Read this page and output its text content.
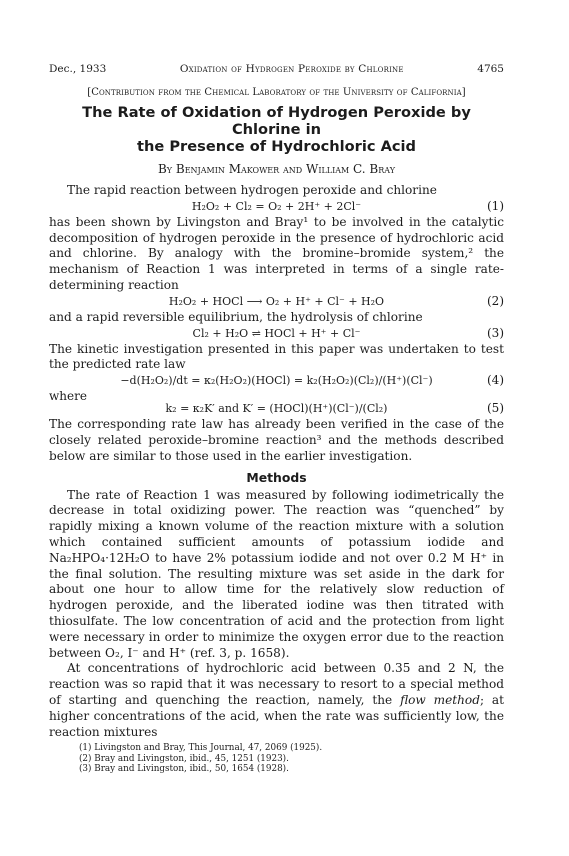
Dec., 1933	Oxidation of Hydrogen Peroxide by Chlorine	4765
[Contribution from the Chemical Laboratory of the University of California]
The Rate of Oxidation of Hydrogen Peroxide by Chlorine in
the Presence of Hydrochloric Acid
By Benjamin Makower and William C. Bray

The rapid reaction between hydrogen peroxide and chlorine

H₂O₂ + Cl₂ = O₂ + 2H⁺ + 2Cl⁻	(1)

has been shown by Livingston and Bray¹ to be involved in the catalytic decomposition of hydrogen peroxide in the presence of hydrochloric acid and chlorine. By analogy with the bromine–bromide system,² the mechanism of Reaction 1 was interpreted in terms of a single rate-determining reaction

H₂O₂ + HOCl ⟶ O₂ + H⁺ + Cl⁻ + H₂O	(2)

and a rapid reversible equilibrium, the hydrolysis of chlorine

Cl₂ + H₂O ⇌ HOCl + H⁺ + Cl⁻	(3)

The kinetic investigation presented in this paper was undertaken to test the predicted rate law

−d(H₂O₂)/dt = κ₂(H₂O₂)(HOCl) = k₂(H₂O₂)(Cl₂)/(H⁺)(Cl⁻)	(4)
where
k₂ = κ₂K′ and K′ = (HOCl)(H⁺)(Cl⁻)/(Cl₂)	(5)

The corresponding rate law has already been verified in the case of the closely related peroxide–bromine reaction³ and the methods described below are similar to those used in the earlier investigation.

Methods

The rate of Reaction 1 was measured by following iodimetrically the decrease in total oxidizing power. The reaction was “quenched” by rapidly mixing a known volume of the reaction mixture with a solution which contained sufficient amounts of potassium iodide and Na₂HPO₄·12H₂O to have 2% potassium iodide and not over 0.2 M H⁺ in the final solution. The resulting mixture was set aside in the dark for about one hour to allow time for the relatively slow reduction of hydrogen peroxide, and the liberated iodine was then titrated with thiosulfate. The low concentration of acid and the protection from light were necessary in order to minimize the oxygen error due to the reaction between O₂, I⁻ and H⁺ (ref. 3, p. 1658).

At concentrations of hydrochloric acid between 0.35 and 2 N, the reaction was so rapid that it was necessary to resort to a special method of starting and quenching the reaction, namely, the flow method; at higher concentrations of the acid, when the rate was sufficiently low, the reaction mixtures

(1) Livingston and Bray, This Journal, 47, 2069 (1925).
(2) Bray and Livingston, ibid., 45, 1251 (1923).
(3) Bray and Livingston, ibid., 50, 1654 (1928).
